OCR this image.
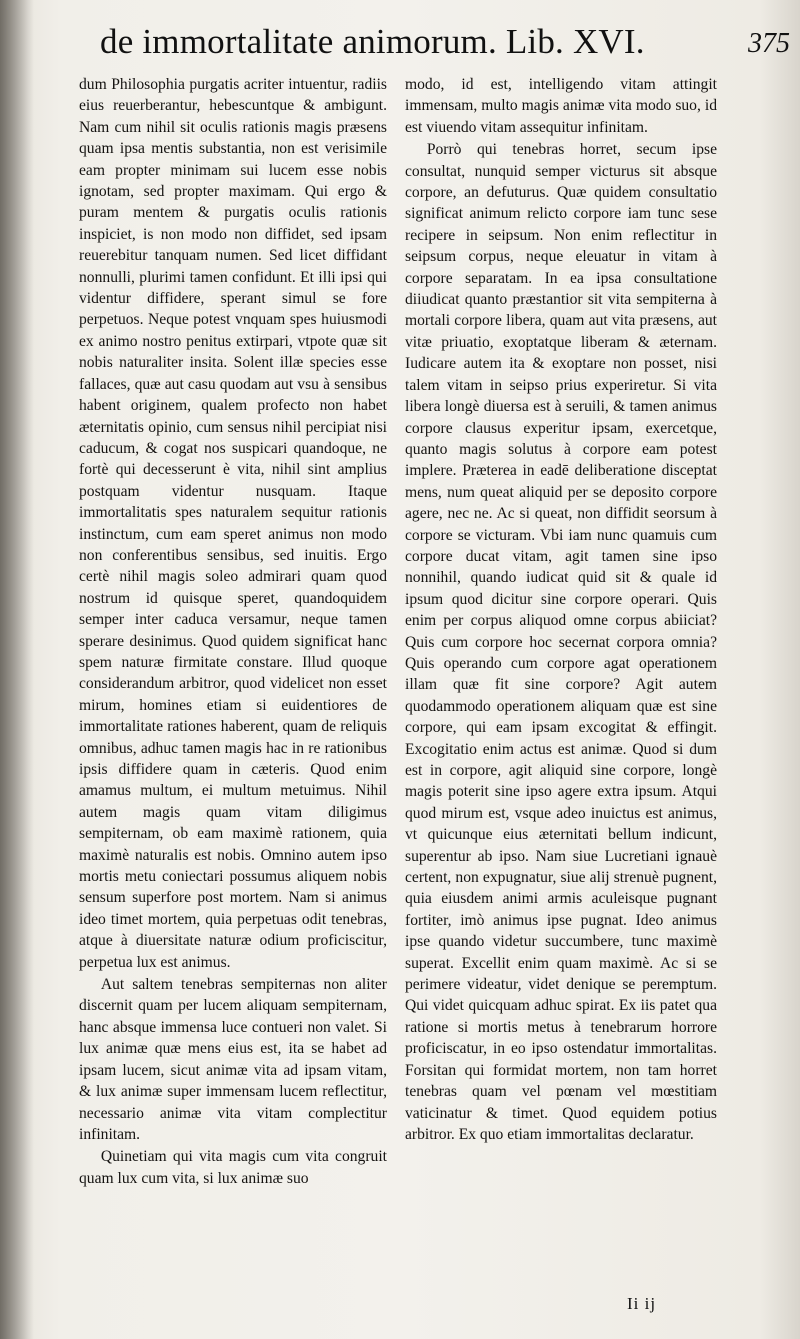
de immortalitate animorum. Lib. XVI.	375

dum Philosophia purgatis acriter intuentur, radiis eius reuerberantur, hebescuntque & ambigunt. Nam cum nihil sit oculis rationis magis præsens quam ipsa mentis substantia, non est verisimile eam propter minimam sui lucem esse nobis ignotam, sed propter maximam. Qui ergo & puram mentem & purgatis oculis rationis inspiciet, is non modo non diffidet, sed ipsam reuerebitur tanquam numen. Sed licet diffidant nonnulli, plurimi tamen confidunt. Et illi ipsi qui videntur diffidere, sperant simul se fore perpetuos. Neque potest vnquam spes huiusmodi ex animo nostro penitus extirpari, vtpote quæ sit nobis naturaliter insita. Solent illæ species esse fallaces, quæ aut casu quodam aut vsu à sensibus habent originem, qualem profecto non habet æternitatis opinio, cum sensus nihil percipiat nisi caducum, & cogat nos suspicari quandoque, ne fortè qui decesserunt è vita, nihil sint amplius postquam videntur nusquam. Itaque immortalitatis spes naturalem sequitur rationis instinctum, cum eam speret animus non modo non conferentibus sensibus, sed inuitis. Ergo certè nihil magis soleo admirari quam quod nostrum id quisque speret, quandoquidem semper inter caduca versamur, neque tamen sperare desinimus. Quod quidem significat hanc spem naturæ firmitate constare. Illud quoque considerandum arbitror, quod videlicet non esset mirum, homines etiam si euidentiores de immortalitate rationes haberent, quam de reliquis omnibus, adhuc tamen magis hac in re rationibus ipsis diffidere quam in cæteris. Quod enim amamus multum, ei multum metuimus. Nihil autem magis quam vitam diligimus sempiternam, ob eam maximè rationem, quia maximè naturalis est nobis. Omnino autem ipso mortis metu coniectari possumus aliquem nobis sensum superfore post mortem. Nam si animus ideo timet mortem, quia perpetuas odit tenebras, atque à diuersitate naturæ odium proficiscitur, perpetua lux est animus.

Aut saltem tenebras sempiternas non aliter discernit quam per lucem aliquam sempiternam, hanc absque immensa luce contueri non valet. Si lux animæ quæ mens eius est, ita se habet ad ipsam lucem, sicut animæ vita ad ipsam vitam, & lux animæ super immensam lucem reflectitur, necessario animæ vita vitam complectitur infinitam.

Quinetiam qui vita magis cum vita congruit quam lux cum vita, si lux animæ suo

modo, id est, intelligendo vitam attingit immensam, multo magis animæ vita modo suo, id est viuendo vitam assequitur infinitam.

Porrò qui tenebras horret, secum ipse consultat, nunquid semper victurus sit absque corpore, an defuturus. Quæ quidem consultatio significat animum relicto corpore iam tunc sese recipere in seipsum. Non enim reflectitur in seipsum corpus, neque eleuatur in vitam à corpore separatam. In ea ipsa consultatione diiudicat quanto præstantior sit vita sempiterna à mortali corpore libera, quam aut vita præsens, aut vitæ priuatio, exoptatque liberam & æternam. Iudicare autem ita & exoptare non posset, nisi talem vitam in seipso prius experiretur. Si vita libera longè diuersa est à seruili, & tamen animus corpore clausus experitur ipsam, exercetque, quanto magis solutus à corpore eam potest implere. Præterea in eadē deliberatione disceptat mens, num queat aliquid per se deposito corpore agere, nec ne. Ac si queat, non diffidit seorsum à corpore se victuram. Vbi iam nunc quamuis cum corpore ducat vitam, agit tamen sine ipso nonnihil, quando iudicat quid sit & quale id ipsum quod dicitur sine corpore operari. Quis enim per corpus aliquod omne corpus abiiciat? Quis cum corpore hoc secernat corpora omnia? Quis operando cum corpore agat operationem illam quæ fit sine corpore? Agit autem quodammodo operationem aliquam quæ est sine corpore, qui eam ipsam excogitat & effingit. Excogitatio enim actus est animæ. Quod si dum est in corpore, agit aliquid sine corpore, longè magis poterit sine ipso agere extra ipsum. Atqui quod mirum est, vsque adeo inuictus est animus, vt quicunque eius æternitati bellum indicunt, superentur ab ipso. Nam siue Lucretiani ignauè certent, non expugnatur, siue alij strenuè pugnent, quia eiusdem animi armis aculeisque pugnant fortiter, imò animus ipse pugnat. Ideo animus ipse quando videtur succumbere, tunc maximè superat. Excellit enim quam maximè. Ac si se perimere videatur, videt denique se peremptum. Qui videt quicquam adhuc spirat. Ex iis patet qua ratione si mortis metus à tenebrarum horrore proficiscatur, in eo ipso ostendatur immortalitas. Forsitan qui formidat mortem, non tam horret tenebras quam vel pœnam vel mœstitiam vaticinatur & timet. Quod equidem potius arbitror. Ex quo etiam immortalitas declaratur.

Ii ij
